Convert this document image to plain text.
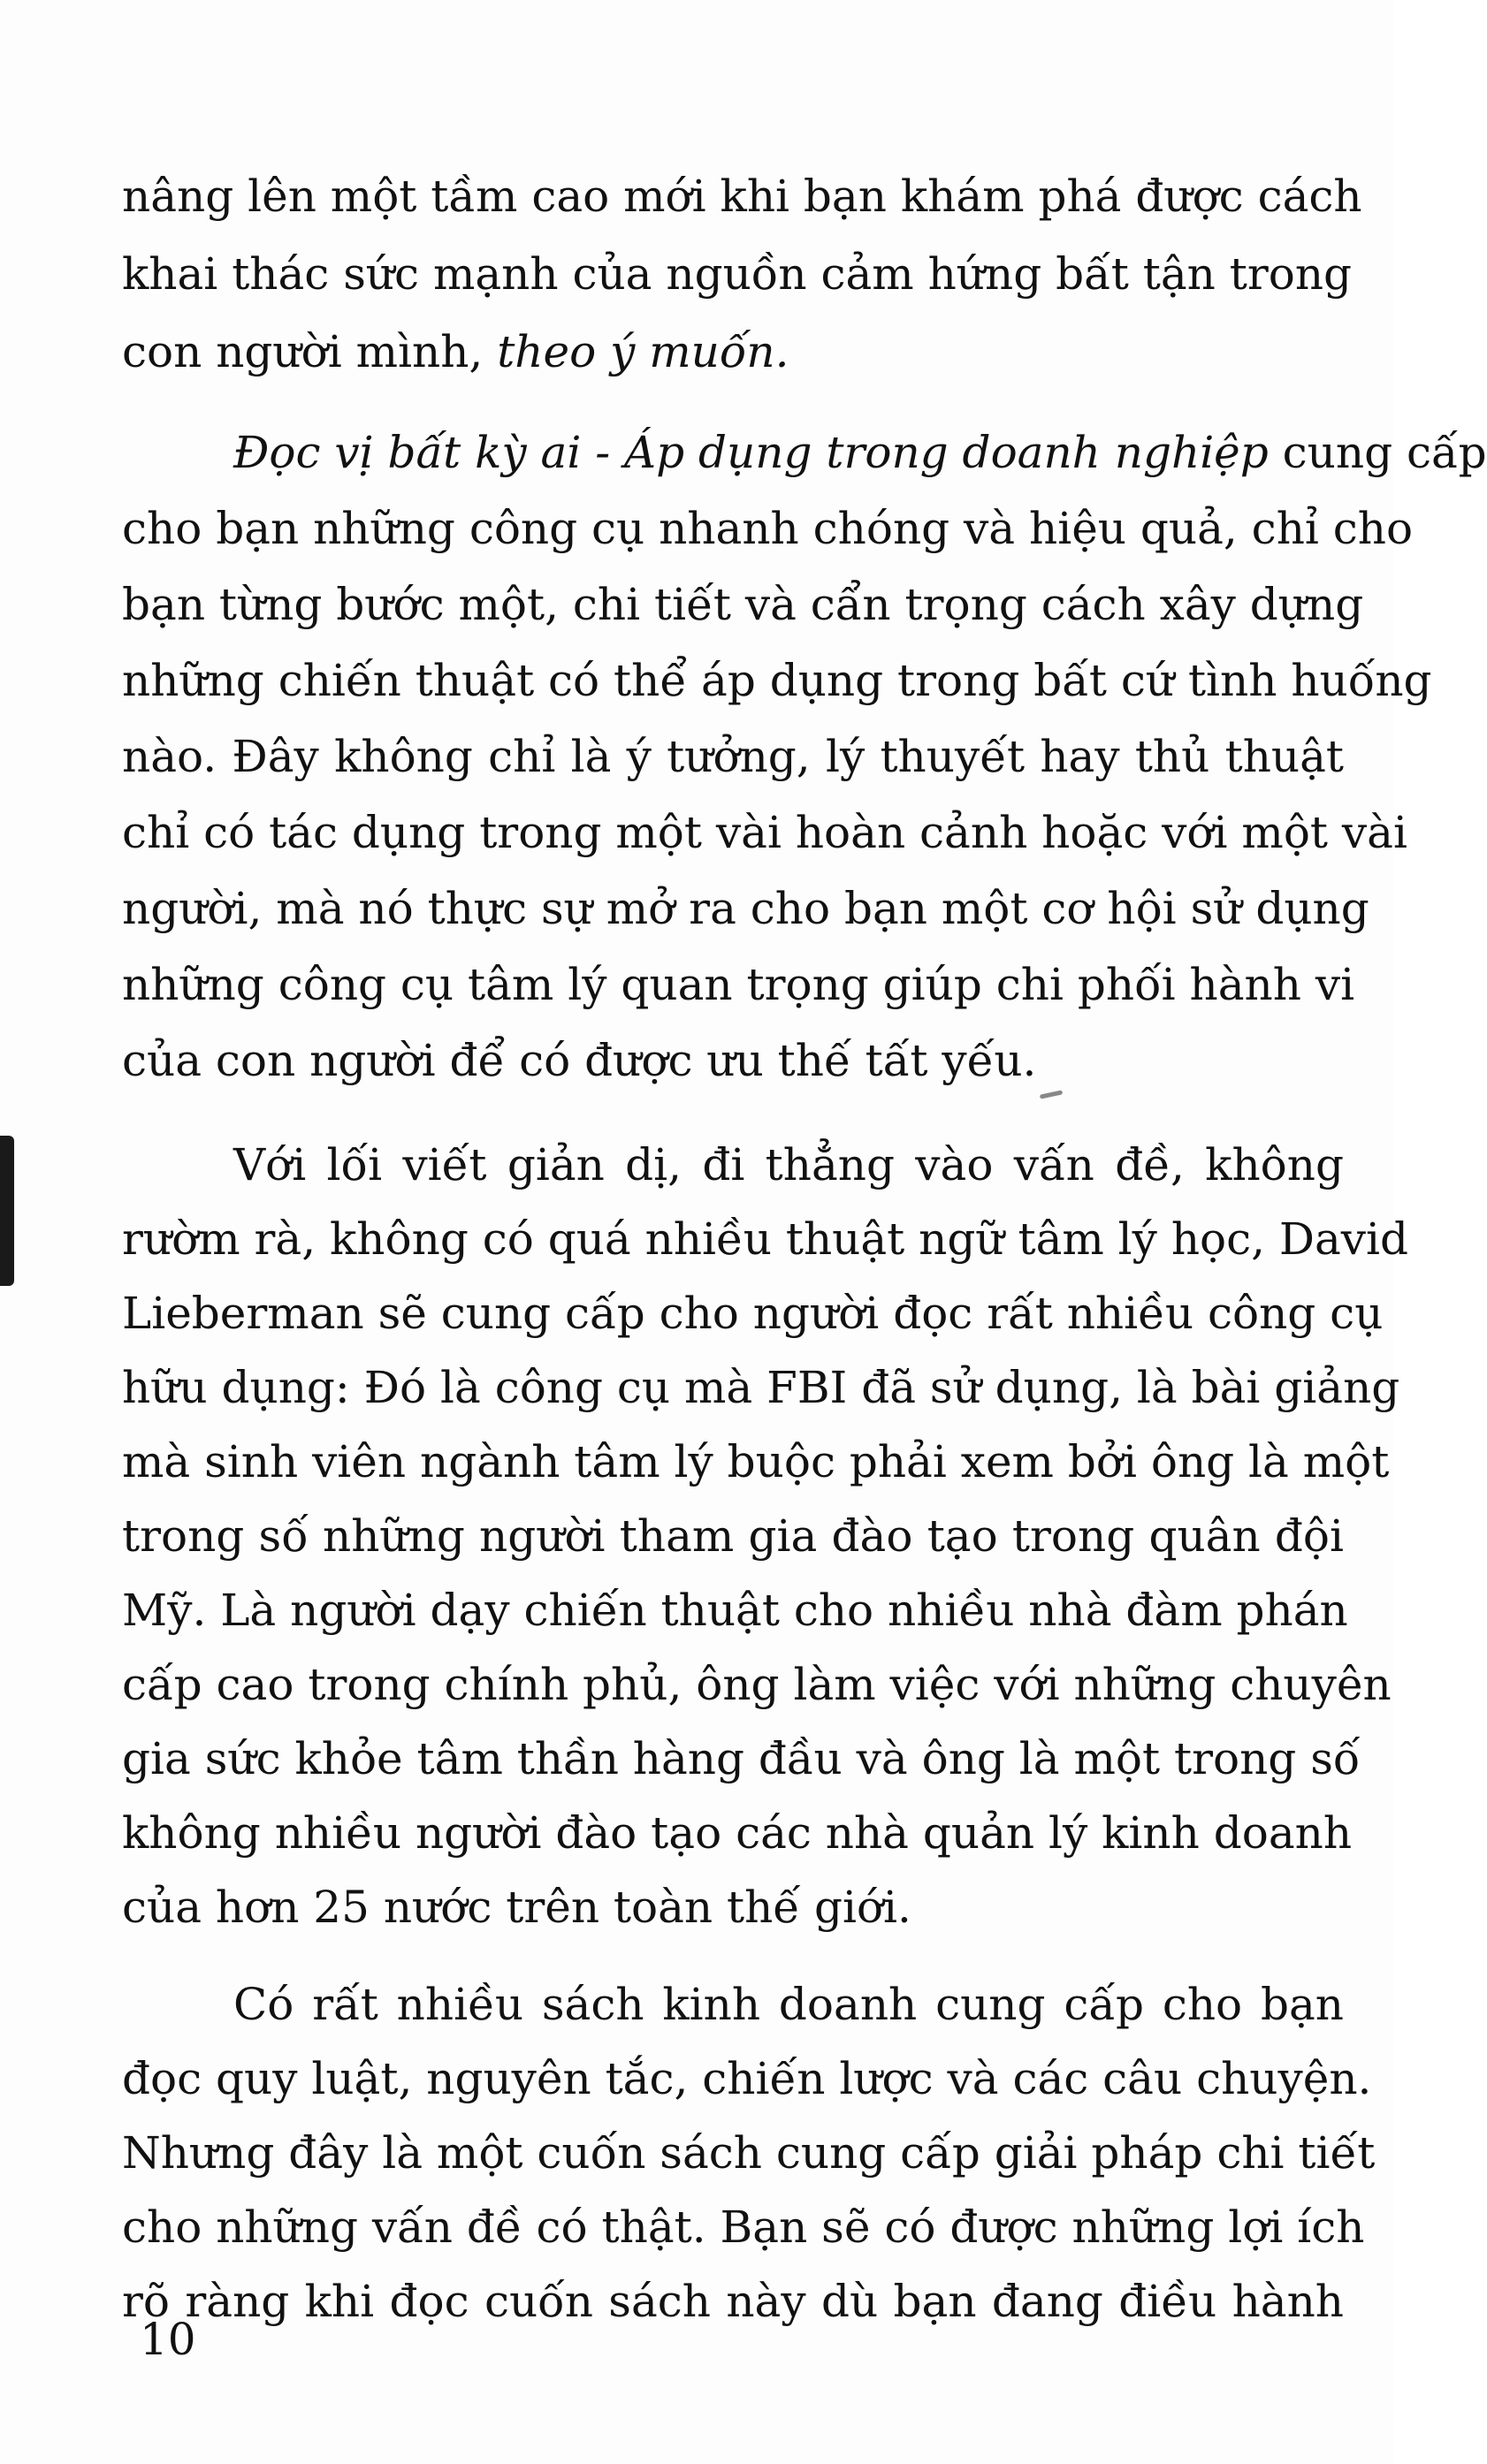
nâng lên một tầm cao mới khi bạn khám phá được cách
khai thác sức mạnh của nguồn cảm hứng bất tận trong
con người mình, theo ý muốn.
Đọc vị bất kỳ ai - Áp dụng trong doanh nghiệp cung cấp
cho bạn những công cụ nhanh chóng và hiệu quả, chỉ cho
bạn từng bước một, chi tiết và cẩn trọng cách xây dựng
những chiến thuật có thể áp dụng trong bất cứ tình huống
nào. Đây không chỉ là ý tưởng, lý thuyết hay thủ thuật
chỉ có tác dụng trong một vài hoàn cảnh hoặc với một vài
người, mà nó thực sự mở ra cho bạn một cơ hội sử dụng
những công cụ tâm lý quan trọng giúp chi phối hành vi
của con người để có được ưu thế tất yếu.
Với lối viết giản dị, đi thẳng vào vấn đề, không
rườm rà, không có quá nhiều thuật ngữ tâm lý học, David
Lieberman sẽ cung cấp cho người đọc rất nhiều công cụ
hữu dụng: Đó là công cụ mà FBI đã sử dụng, là bài giảng
mà sinh viên ngành tâm lý buộc phải xem bởi ông là một
trong số những người tham gia đào tạo trong quân đội
Mỹ. Là người dạy chiến thuật cho nhiều nhà đàm phán
cấp cao trong chính phủ, ông làm việc với những chuyên
gia sức khỏe tâm thần hàng đầu và ông là một trong số
không nhiều người đào tạo các nhà quản lý kinh doanh
của hơn 25 nước trên toàn thế giới.
Có rất nhiều sách kinh doanh cung cấp cho bạn
đọc quy luật, nguyên tắc, chiến lược và các câu chuyện.
Nhưng đây là một cuốn sách cung cấp giải pháp chi tiết
cho những vấn đề có thật. Bạn sẽ có được những lợi ích
rõ ràng khi đọc cuốn sách này dù bạn đang điều hành
10
